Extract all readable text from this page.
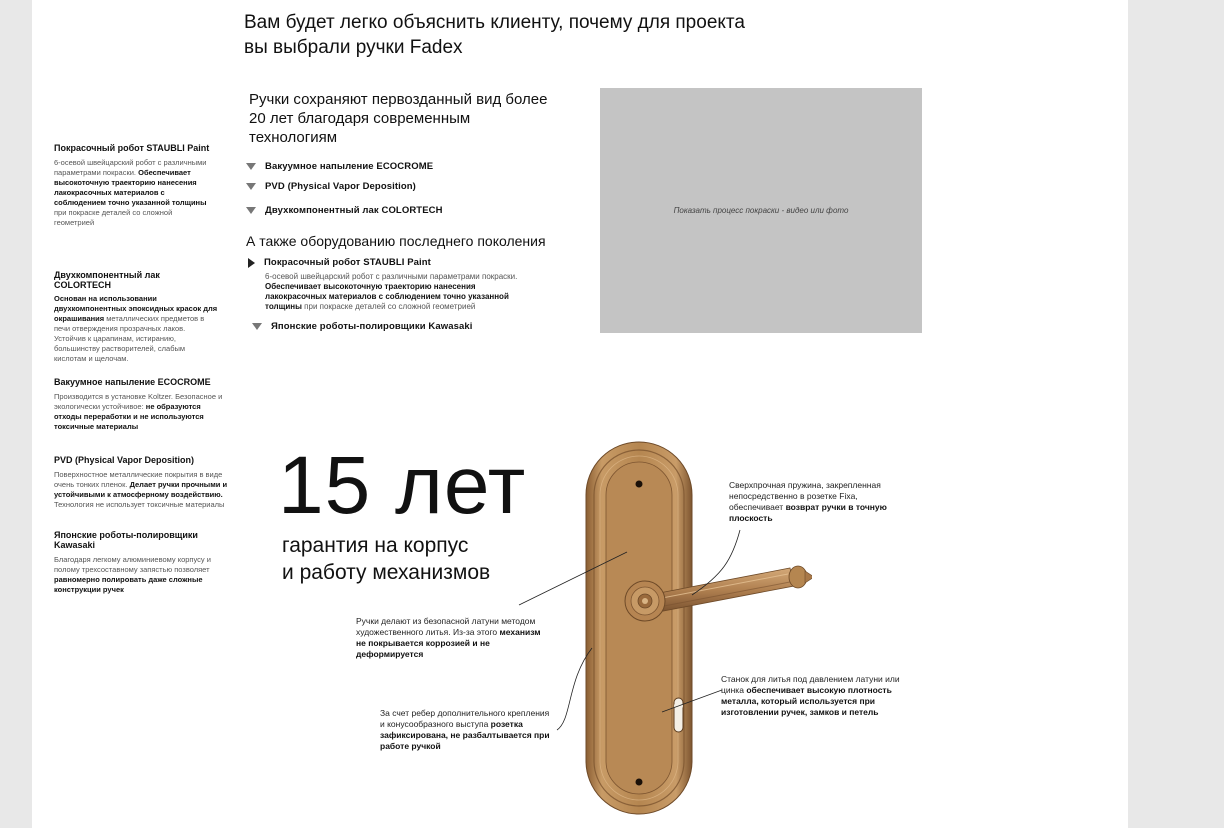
Вам будет легко объяснить клиенту, почему для проекта вы выбрали ручки Fadex
Ручки сохраняют первозданный вид более 20 лет благодаря современным технологиям
Вакуумное напыление ECOCROME
PVD (Physical Vapor Deposition)
Двухкомпонентный лак COLORTECH
А также оборудованию последнего поколения
Покрасочный робот STAUBLI Paint
6-осевой швейцарский робот с различными параметрами покраски. Обеспечивает высокоточную траекторию нанесения лакокрасочных материалов с соблюдением точно указанной толщины при покраске деталей со сложной геометрией
Японские роботы-полировщики Kawasaki
Показать процесс покраски - видео или фото
Покрасочный робот STAUBLI Paint
6-осевой швейцарский робот с различными параметрами покраски. Обеспечивает высокоточную траекторию нанесения лакокрасочных материалов с соблюдением точно указанной толщины при покраске деталей со сложной геометрией
Двухкомпонентный лак COLORTECH
Основан на использовании двухкомпонентных эпоксидных красок для окрашивания металлических предметов в печи отверждения прозрачных лаков. Устойчив к царапинам, истиранию, большинству растворителей, слабым кислотам и щелочам.
Вакуумное напыление ECOCROME
Производится в установке Koltzer. Безопасное и экологически устойчивое: не образуются отходы переработки и не используются токсичные материалы
PVD (Physical Vapor Deposition)
Поверхностное металлические покрытия в виде очень тонких пленок. Делает ручки прочными и устойчивыми к атмосферному воздействию. Технология не использует токсичные материалы
Японские роботы-полировщики Kawasaki
Благодаря легкому алюминиевому корпусу и полому трехсоставному запястью позволяет равномерно полировать даже сложные конструкции ручек
15 лет
гарантия на корпус
и работу механизмов
Сверхпрочная пружина, закрепленная непосредственно в розетке Fixa, обеспечивает возврат ручки в точную плоскость
Ручки делают из безопасной латуни методом художественного литья. Из-за этого механизм не покрывается коррозией и не деформируется
За счет ребер дополнительного крепления и конусообразного выступа розетка зафиксирована, не разбалтывается при работе ручкой
Станок для литья под давлением латуни или цинка обеспечивает высокую плотность металла, который используется при изготовлении ручек, замков и петель
